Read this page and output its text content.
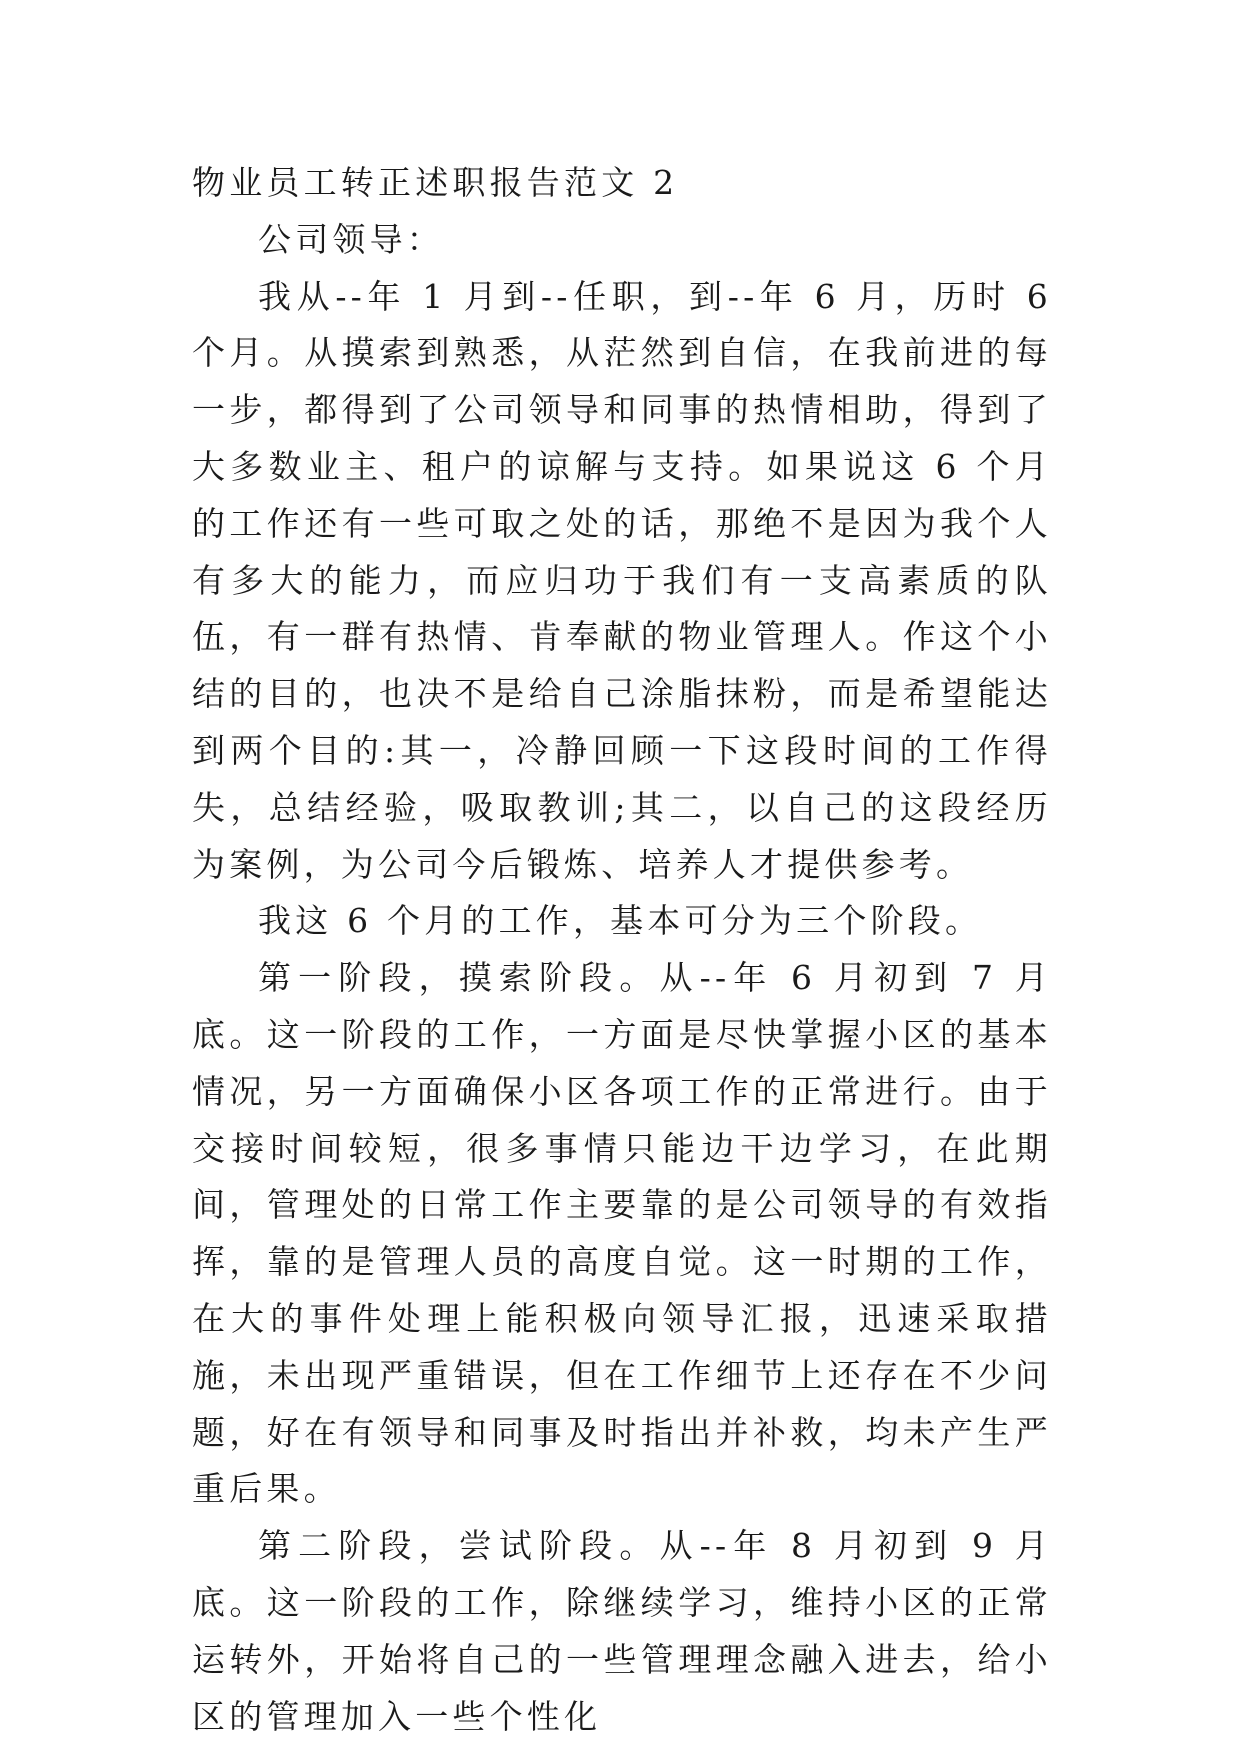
物业员工转正述职报告范文 2

公司领导：

我从--年 1 月到--任职，到--年 6 月，历时 6 个月。从摸索到熟悉，从茫然到自信，在我前进的每一步，都得到了公司领导和同事的热情相助，得到了大多数业主、租户的谅解与支持。如果说这 6 个月的工作还有一些可取之处的话，那绝不是因为我个人有多大的能力，而应归功于我们有一支高素质的队伍，有一群有热情、肯奉献的物业管理人。作这个小结的目的，也决不是给自己涂脂抹粉，而是希望能达到两个目的:其一，冷静回顾一下这段时间的工作得失，总结经验，吸取教训;其二，以自己的这段经历为案例，为公司今后锻炼、培养人才提供参考。

我这 6 个月的工作，基本可分为三个阶段。

第一阶段，摸索阶段。从--年 6 月初到 7 月底。这一阶段的工作，一方面是尽快掌握小区的基本情况，另一方面确保小区各项工作的正常进行。由于交接时间较短，很多事情只能边干边学习，在此期间，管理处的日常工作主要靠的是公司领导的有效指挥，靠的是管理人员的高度自觉。这一时期的工作，在大的事件处理上能积极向领导汇报，迅速采取措施，未出现严重错误，但在工作细节上还存在不少问题，好在有领导和同事及时指出并补救，均未产生严重后果。

第二阶段，尝试阶段。从--年 8 月初到 9 月底。这一阶段的工作，除继续学习，维持小区的正常运转外，开始将自己的一些管理理念融入进去，给小区的管理加入一些个性化
